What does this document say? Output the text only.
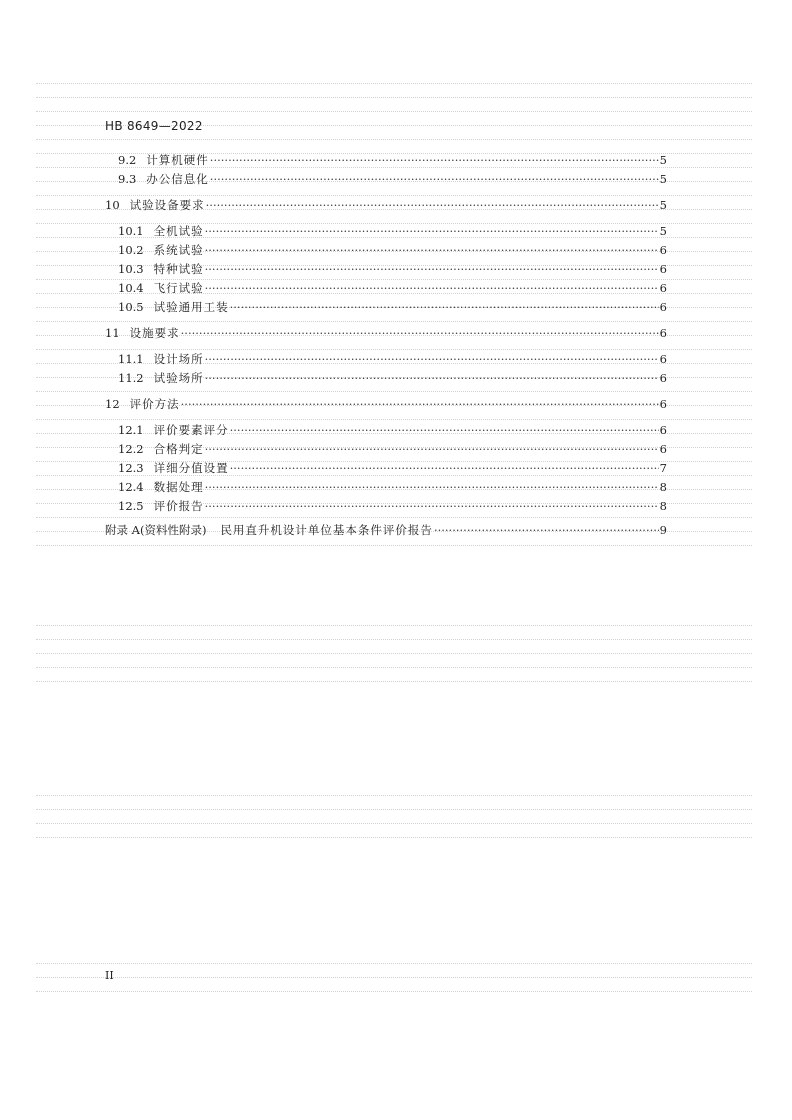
HB 8649—2022
9.2 计算机硬件 ·····	5
9.3 办公信息化 ·····	5
10 试验设备要求 ·····	5
10.1 全机试验 ·····	5
10.2 系统试验 ·····	6
10.3 特种试验 ·····	6
10.4 飞行试验 ·····	6
10.5 试验通用工装 ·····	6
11 设施要求 ·····	6
11.1 设计场所 ·····	6
11.2 试验场所 ·····	6
12 评价方法 ·····	6
12.1 评价要素评分 ·····	6
12.2 合格判定 ·····	6
12.3 详细分值设置 ·····	7
12.4 数据处理 ·····	8
12.5 评价报告 ·····	8
附录 A(资料性附录) 民用直升机设计单位基本条件评价报告 ·····	9
II
